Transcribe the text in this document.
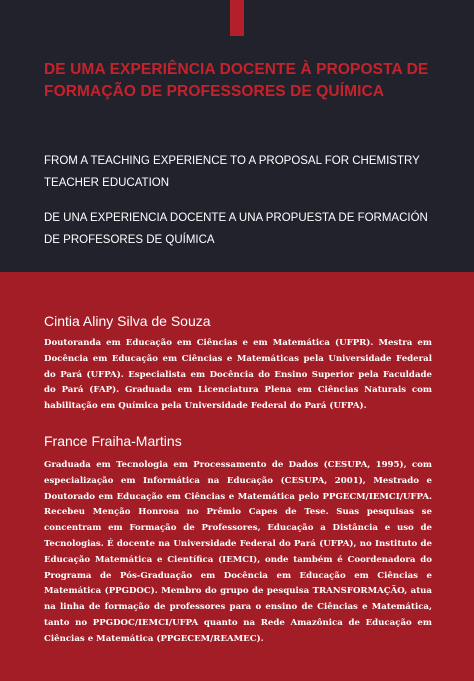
DE UMA EXPERIÊNCIA DOCENTE À PROPOSTA DE FORMAÇÃO DE PROFESSORES DE QUÍMICA
FROM A TEACHING EXPERIENCE TO A PROPOSAL FOR CHEMISTRY TEACHER EDUCATION
DE UNA EXPERIENCIA DOCENTE A UNA PROPUESTA DE FORMACIÓN DE PROFESORES DE QUÍMICA
Cintia Aliny Silva de Souza
Doutoranda em Educação em Ciências e em Matemática (UFPR). Mestra em Docência em Educação em Ciências e Matemáticas pela Universidade Federal do Pará (UFPA). Especialista em Docência do Ensino Superior pela Faculdade do Pará (FAP). Graduada em Licenciatura Plena em Ciências Naturais com habilitação em Química pela Universidade Federal do Pará (UFPA).
France Fraiha-Martins
Graduada em Tecnologia em Processamento de Dados (CESUPA, 1995), com especialização em Informática na Educação (CESUPA, 2001), Mestrado e Doutorado em Educação em Ciências e Matemática pelo PPGECM/IEMCI/UFPA. Recebeu Menção Honrosa no Prêmio Capes de Tese. Suas pesquisas se concentram em Formação de Professores, Educação a Distância e uso de Tecnologias. É docente na Universidade Federal do Pará (UFPA), no Instituto de Educação Matemática e Científica (IEMCI), onde também é Coordenadora do Programa de Pós-Graduação em Docência em Educação em Ciências e Matemática (PPGDOC). Membro do grupo de pesquisa TRANSFORMAÇÃO, atua na linha de formação de professores para o ensino de Ciências e Matemática, tanto no PPGDOC/IEMCI/UFPA quanto na Rede Amazônica de Educação em Ciências e Matemática (PPGECEM/REAMEC).
